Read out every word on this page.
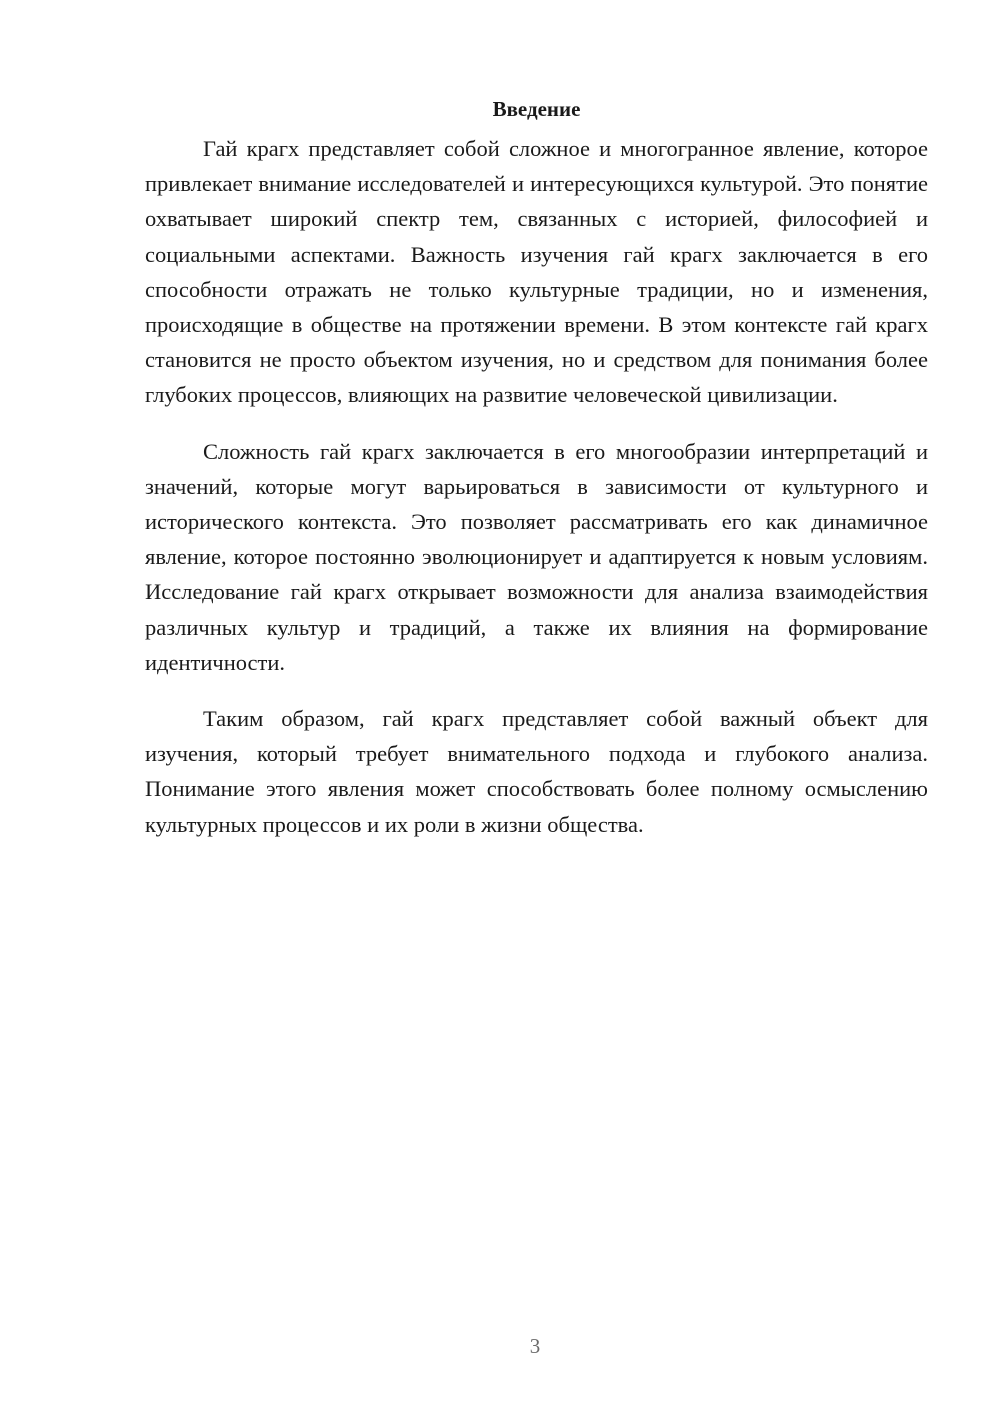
Введение

Гай крагх представляет собой сложное и многогранное явление, которое привлекает внимание исследователей и интересующихся культурой. Это понятие охватывает широкий спектр тем, связанных с историей, философией и социальными аспектами. Важность изучения гай крагх заключается в его способности отражать не только культурные традиции, но и изменения, происходящие в обществе на протяжении времени. В этом контексте гай крагх становится не просто объектом изучения, но и средством для понимания более глубоких процессов, влияющих на развитие человеческой цивилизации.

Сложность гай крагх заключается в его многообразии интерпретаций и значений, которые могут варьироваться в зависимости от культурного и исторического контекста. Это позволяет рассматривать его как динамичное явление, которое постоянно эволюционирует и адаптируется к новым условиям. Исследование гай крагх открывает возможности для анализа взаимодействия различных культур и традиций, а также их влияния на формирование идентичности.

Таким образом, гай крагх представляет собой важный объект для изучения, который требует внимательного подхода и глубокого анализа. Понимание этого явления может способствовать более полному осмыслению культурных процессов и их роли в жизни общества.

3
